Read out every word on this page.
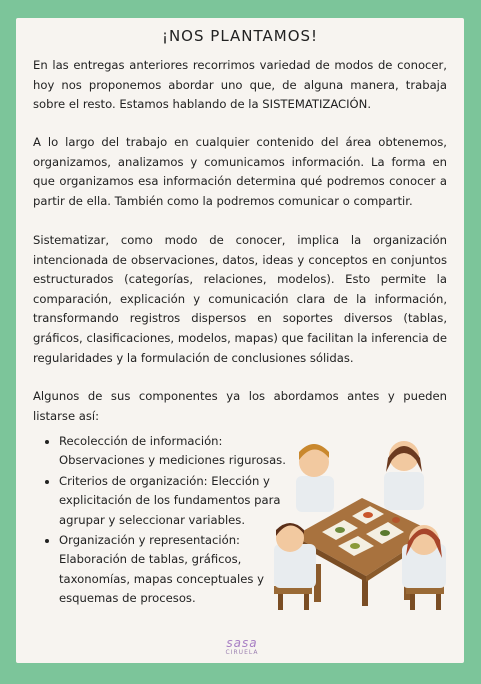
¡NOS PLANTAMOS!

En las entregas anteriores recorrimos variedad de modos de conocer, hoy nos proponemos abordar uno que, de alguna manera, trabaja sobre el resto. Estamos hablando de la SISTEMATIZACIÓN.

A lo largo del trabajo en cualquier contenido del área obtenemos, organizamos, analizamos y comunicamos información. La forma en que organizamos esa información determina qué podremos conocer a partir de ella. También como la podremos comunicar o compartir.

Sistematizar, como modo de conocer, implica la organización intencionada de observaciones, datos, ideas y conceptos en conjuntos estructurados (categorías, relaciones, modelos). Esto permite la comparación, explicación y comunicación clara de la información, transformando registros dispersos en soportes diversos (tablas, gráficos, clasificaciones, modelos, mapas) que facilitan la inferencia de regularidades y la formulación de conclusiones sólidas.

Algunos de sus componentes ya los abordamos antes y pueden listarse así:

• Recolección de información: Observaciones y mediciones rigurosas.
• Criterios de organización: Elección y explicitación de los fundamentos para agrupar y seleccionar variables.
• Organización y representación: Elaboración de tablas, gráficos, taxonomías, mapas conceptuales y esquemas de procesos.
sasa
CIRUELA
